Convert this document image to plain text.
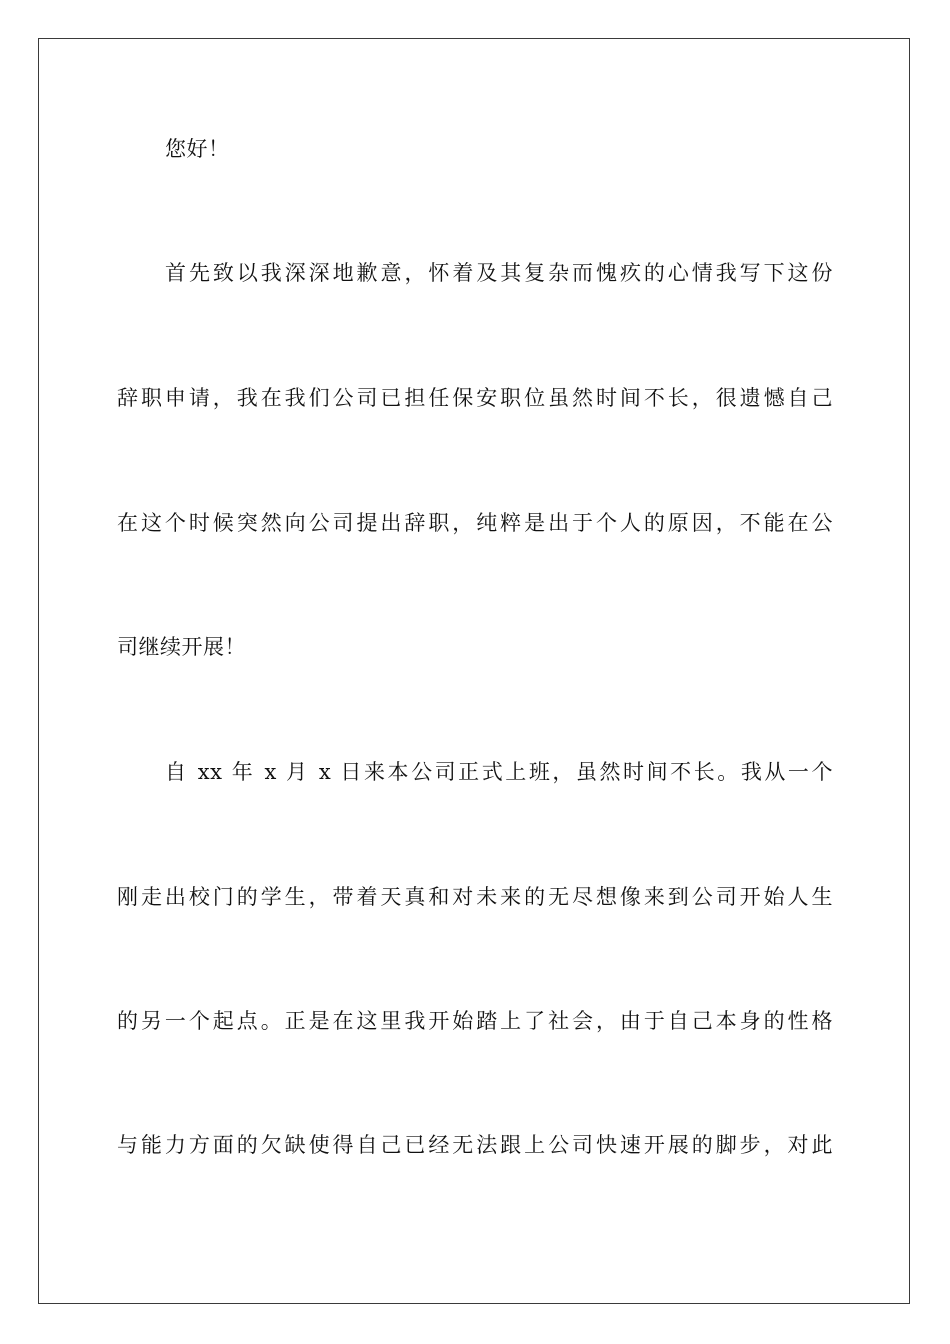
您好！
首先致以我深深地歉意，怀着及其复杂而愧疚的心情我写下这份
辞职申请，我在我们公司已担任保安职位虽然时间不长，很遗憾自己
在这个时候突然向公司提出辞职，纯粹是出于个人的原因，不能在公
司继续开展！
自 xx 年 x 月 x 日来本公司正式上班，虽然时间不长。我从一个
刚走出校门的学生，带着天真和对未来的无尽想像来到公司开始人生
的另一个起点。正是在这里我开始踏上了社会，由于自己本身的性格
与能力方面的欠缺使得自己已经无法跟上公司快速开展的脚步，对此
